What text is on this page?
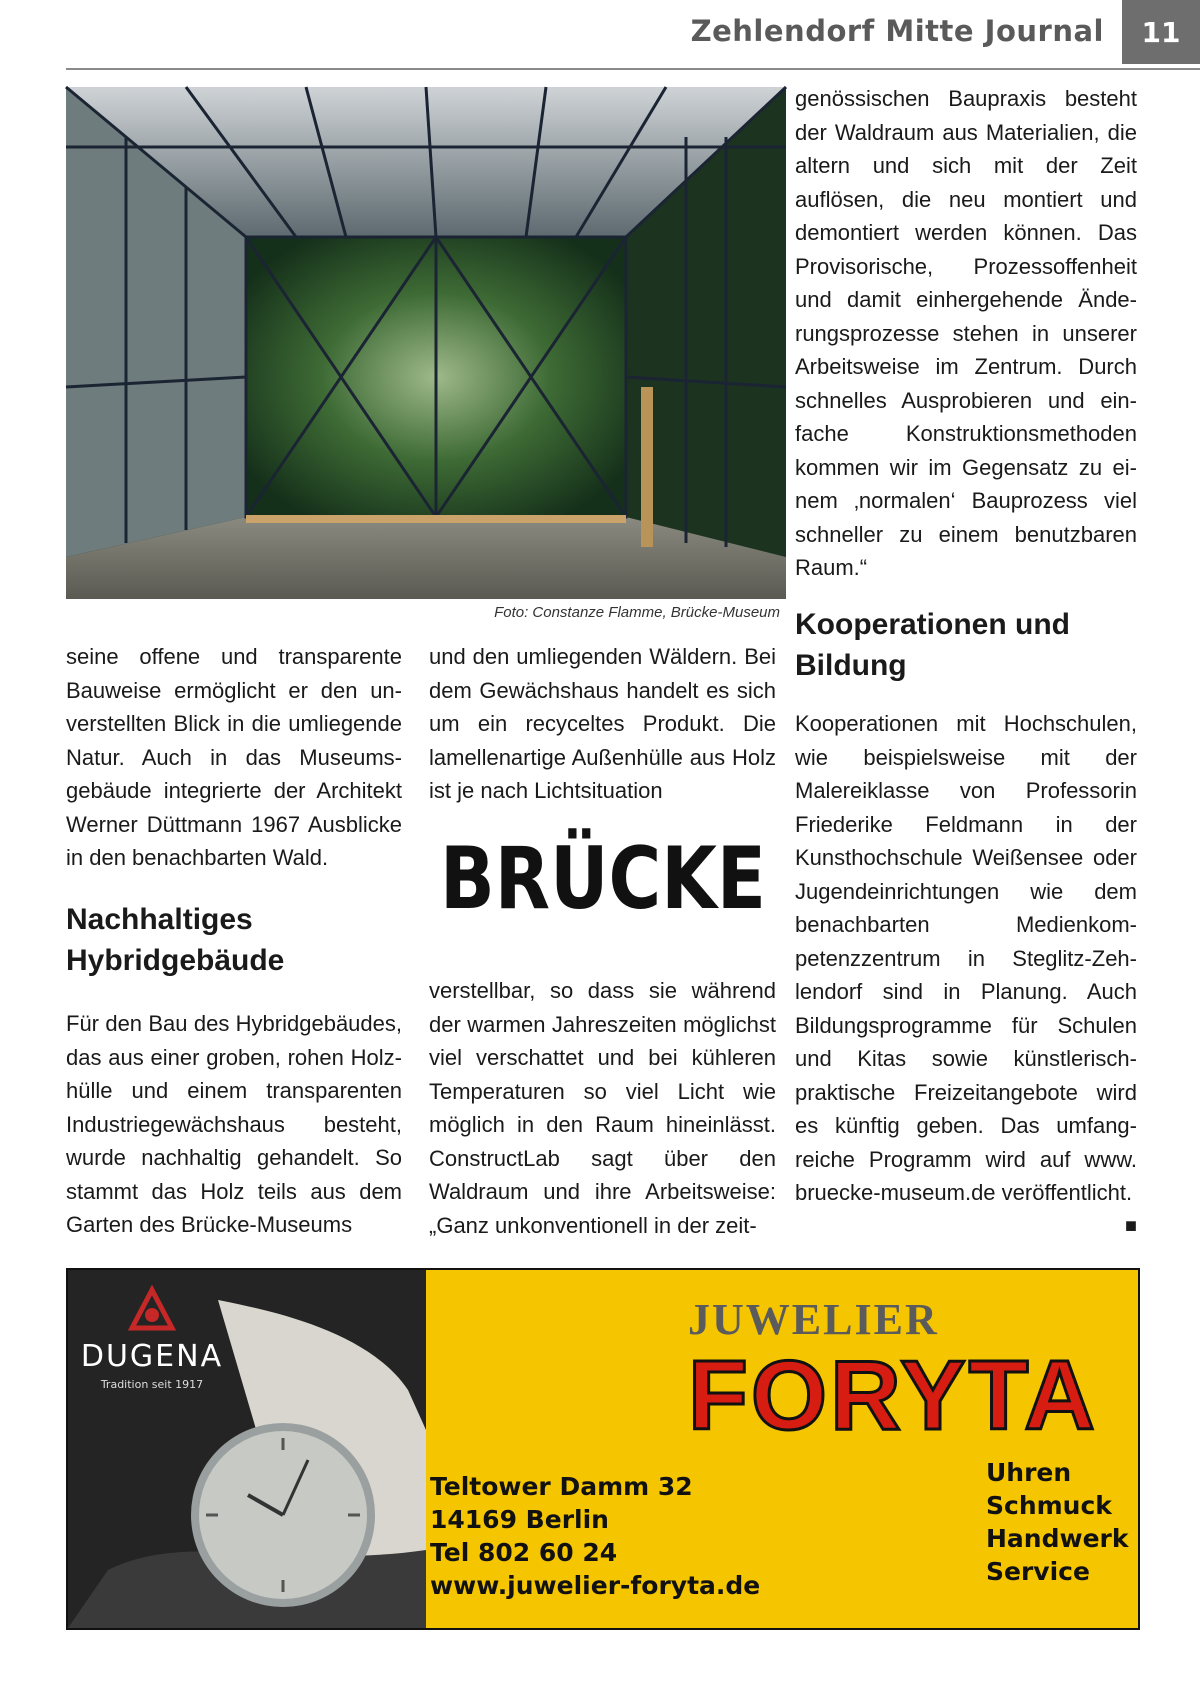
Zehlendorf Mitte Journal	11
Foto: Constanze Flamme, Brücke-Museum
genössischen Baupraxis besteht der Waldraum aus Materialien, die altern und sich mit der Zeit auflösen, die neu montiert und demontiert werden können. Das Provisorische, Prozessoffenheit und damit einhergehende Änderungsprozesse stehen in unserer Arbeitsweise im Zentrum. Durch schnelles Ausprobieren und einfache Konstruktionsmethoden kommen wir im Gegensatz zu einem ‚normalen‘ Bauprozess viel schneller zu einem benutzbaren Raum.“
seine offene und transparente Bauweise ermöglicht er den unverstellten Blick in die umliegende Natur. Auch in das Museumsgebäude integrierte der Architekt Werner Düttmann 1967 Ausblicke in den benachbarten Wald.
Nachhaltiges Hybridgebäude
Für den Bau des Hybridgebäudes, das aus einer groben, rohen Holzhülle und einem transparenten Industriegewächshaus besteht, wurde nachhaltig gehandelt. So stammt das Holz teils aus dem Garten des Brücke-Museums
und den umliegenden Wäldern. Bei dem Gewächshaus handelt es sich um ein recyceltes Produkt. Die lamellenartige Außenhülle aus Holz ist je nach Lichtsituation
BRÜCKE
verstellbar, so dass sie während der warmen Jahreszeiten möglichst viel verschattet und bei kühleren Temperaturen so viel Licht wie möglich in den Raum hineinlässt. ConstructLab sagt über den Waldraum und ihre Arbeitsweise: „Ganz unkonventionell in der zeit-
Kooperationen und Bildung
Kooperationen mit Hochschulen, wie beispielsweise mit der Malereiklasse von Professorin Friederike Feldmann in der Kunsthochschule Weißensee oder Jugendeinrichtungen wie dem benachbarten Medienkompetenzzentrum in Steglitz-Zehlendorf sind in Planung. Auch Bildungsprogramme für Schulen und Kitas sowie künstlerisch-praktische Freizeitangebote wird es künftig geben. Das umfangreiche Programm wird auf www. bruecke-museum.de veröffentlicht.
■
DUGENA
Tradition seit 1917
JUWELIER
FORYTA
Teltower Damm 32
14169 Berlin
Tel 802 60 24
www.juwelier-foryta.de
Uhren
Schmuck
Handwerk
Service
